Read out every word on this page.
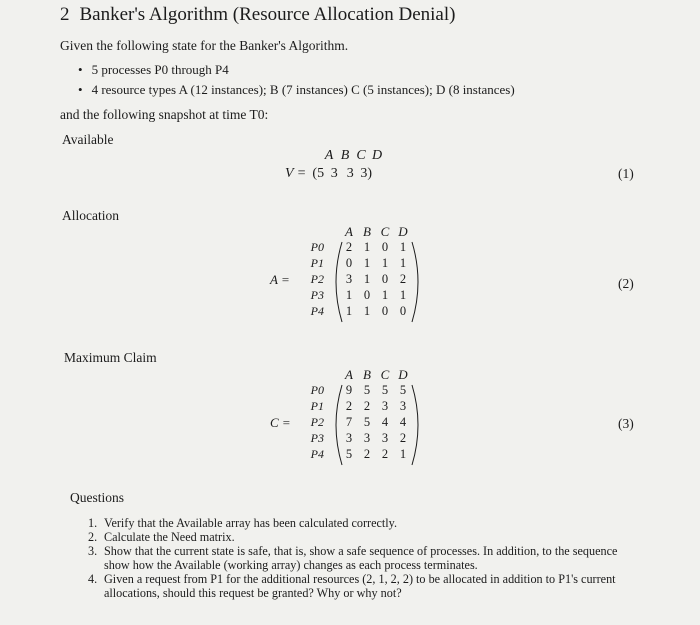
2 Banker's Algorithm (Resource Allocation Denial)
Given the following state for the Banker's Algorithm.
• 5 processes P0 through P4
• 4 resource types A (12 instances); B (7 instances) C (5 instances); D (8 instances)
and the following snapshot at time T0:
Available
A B C D
V = (5 3 3 3)	(1)
Allocation
A B C D
A =
P0	2 1 0 1
P1	0 1 1 1
P2	3 1 0 2
P3	1 0 1 1
P4	1 1 0 0
(2)
Maximum Claim
A B C D
C =
P0	9 5 5 5
P1	2 2 3 3
P2	7 5 4 4
P3	3 3 3 2
P4	5 2 2 1
(3)
Questions
1. Verify that the Available array has been calculated correctly.
2. Calculate the Need matrix.
3. Show that the current state is safe, that is, show a safe sequence of processes. In addition, to the sequence show how the Available (working array) changes as each process terminates.
4. Given a request from P1 for the additional resources (2, 1, 2, 2) to be allocated in addition to P1's current allocations, should this request be granted? Why or why not?
